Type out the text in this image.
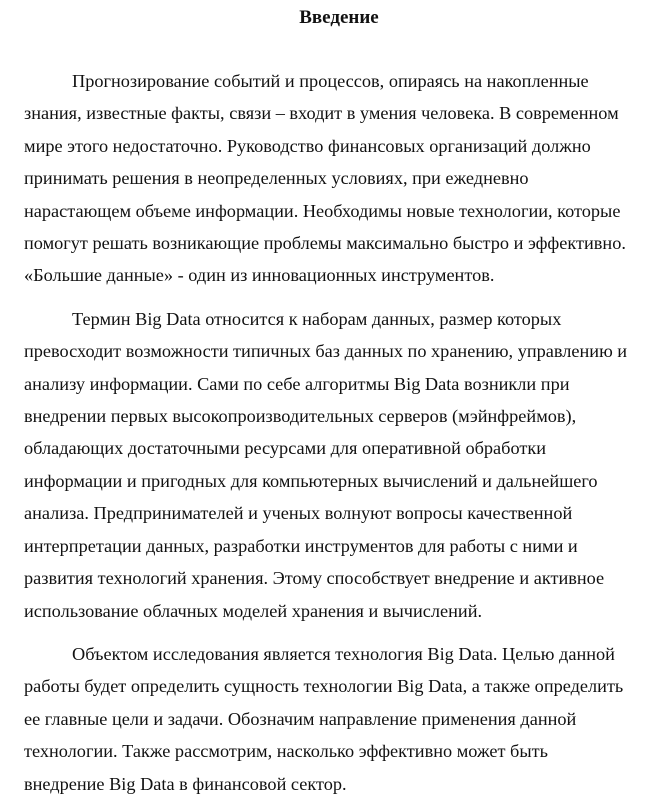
Введение

Прогнозирование событий и процессов, опираясь на накопленные
знания, известные факты, связи – входит в умения человека. В современном
мире этого недостаточно. Руководство финансовых организаций должно
принимать решения в неопределенных условиях, при ежедневно
нарастающем объеме информации. Необходимы новые технологии, которые
помогут решать возникающие проблемы максимально быстро и эффективно.
«Большие данные» - один из инновационных инструментов.

Термин Big Data относится к наборам данных, размер которых
превосходит возможности типичных баз данных по хранению, управлению и
анализу информации. Сами по себе алгоритмы Big Data возникли при
внедрении первых высокопроизводительных серверов (мэйнфреймов),
обладающих достаточными ресурсами для оперативной обработки
информации и пригодных для компьютерных вычислений и дальнейшего
анализа. Предпринимателей и ученых волнуют вопросы качественной
интерпретации данных, разработки инструментов для работы с ними и
развития технологий хранения. Этому способствует внедрение и активное
использование облачных моделей хранения и вычислений.

Объектом исследования является технология Big Data. Целью данной
работы будет определить сущность технологии Big Data, а также определить
ее главные цели и задачи. Обозначим направление применения данной
технологии. Также рассмотрим, насколько эффективно может быть
внедрение Big Data в финансовой сектор.
